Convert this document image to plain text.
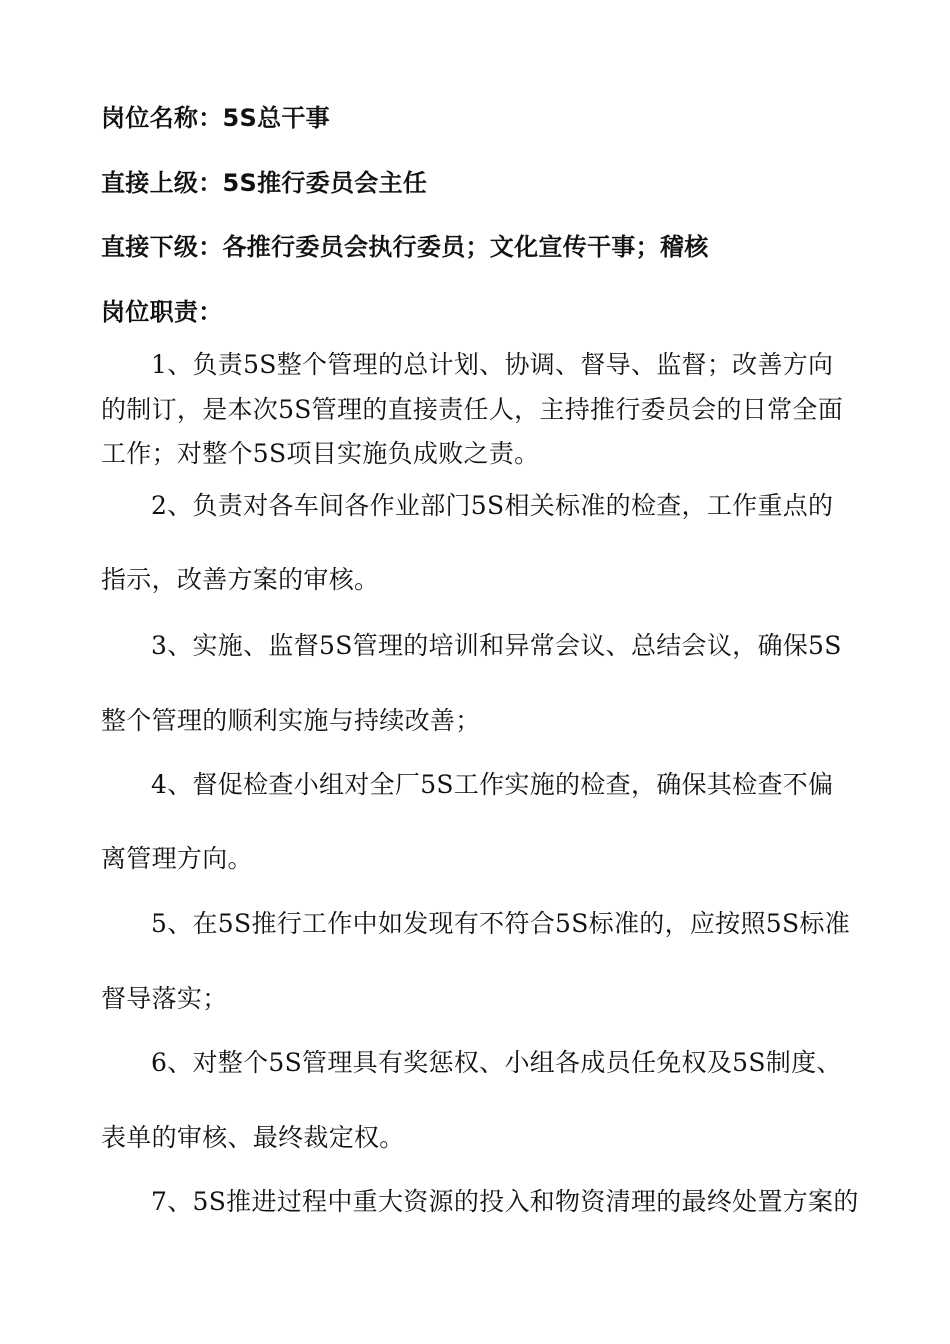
岗位名称：5S总干事
直接上级：5S推行委员会主任
直接下级：各推行委员会执行委员；文化宣传干事；稽核
岗位职责：
1、负责5S整个管理的总计划、协调、督导、监督；改善方向
的制订，是本次5S管理的直接责任人，主持推行委员会的日常全面
工作；对整个5S项目实施负成败之责。
2、负责对各车间各作业部门5S相关标准的检查，工作重点的
指示，改善方案的审核。
3、实施、监督5S管理的培训和异常会议、总结会议，确保5S
整个管理的顺利实施与持续改善；
4、督促检查小组对全厂5S工作实施的检查，确保其检查不偏
离管理方向。
5、在5S推行工作中如发现有不符合5S标准的，应按照5S标准
督导落实；
6、对整个5S管理具有奖惩权、小组各成员任免权及5S制度、
表单的审核、最终裁定权。
7、5S推进过程中重大资源的投入和物资清理的最终处置方案的
